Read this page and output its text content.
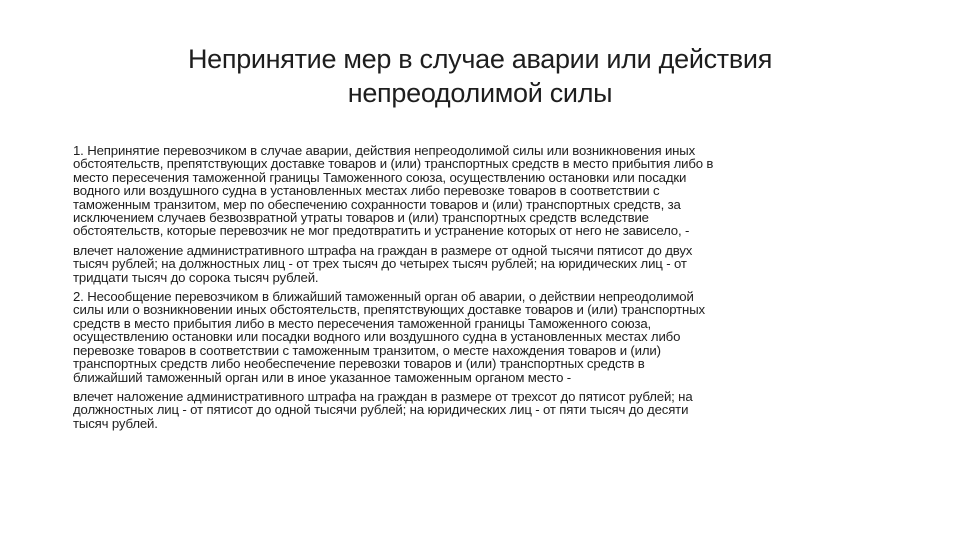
Непринятие мер в случае аварии или действия
непреодолимой силы
1. Непринятие перевозчиком в случае аварии, действия непреодолимой силы или возникновения иных
обстоятельств, препятствующих доставке товаров и (или) транспортных средств в место прибытия либо в
место пересечения таможенной границы Таможенного союза, осуществлению остановки или посадки
водного или воздушного судна в установленных местах либо перевозке товаров в соответствии с
таможенным транзитом, мер по обеспечению сохранности товаров и (или) транспортных средств, за
исключением случаев безвозвратной утраты товаров и (или) транспортных средств вследствие
обстоятельств, которые перевозчик не мог предотвратить и устранение которых от него не зависело, -
влечет наложение административного штрафа на граждан в размере от одной тысячи пятисот до двух
тысяч рублей; на должностных лиц - от трех тысяч до четырех тысяч рублей; на юридических лиц - от
тридцати тысяч до сорока тысяч рублей.
2. Несообщение перевозчиком в ближайший таможенный орган об аварии, о действии непреодолимой
силы или о возникновении иных обстоятельств, препятствующих доставке товаров и (или) транспортных
средств в место прибытия либо в место пересечения таможенной границы Таможенного союза,
осуществлению остановки или посадки водного или воздушного судна в установленных местах либо
перевозке товаров в соответствии с таможенным транзитом, о месте нахождения товаров и (или)
транспортных средств либо необеспечение перевозки товаров и (или) транспортных средств в
ближайший таможенный орган или в иное указанное таможенным органом место -
влечет наложение административного штрафа на граждан в размере от трехсот до пятисот рублей; на
должностных лиц - от пятисот до одной тысячи рублей; на юридических лиц - от пяти тысяч до десяти
тысяч рублей.
